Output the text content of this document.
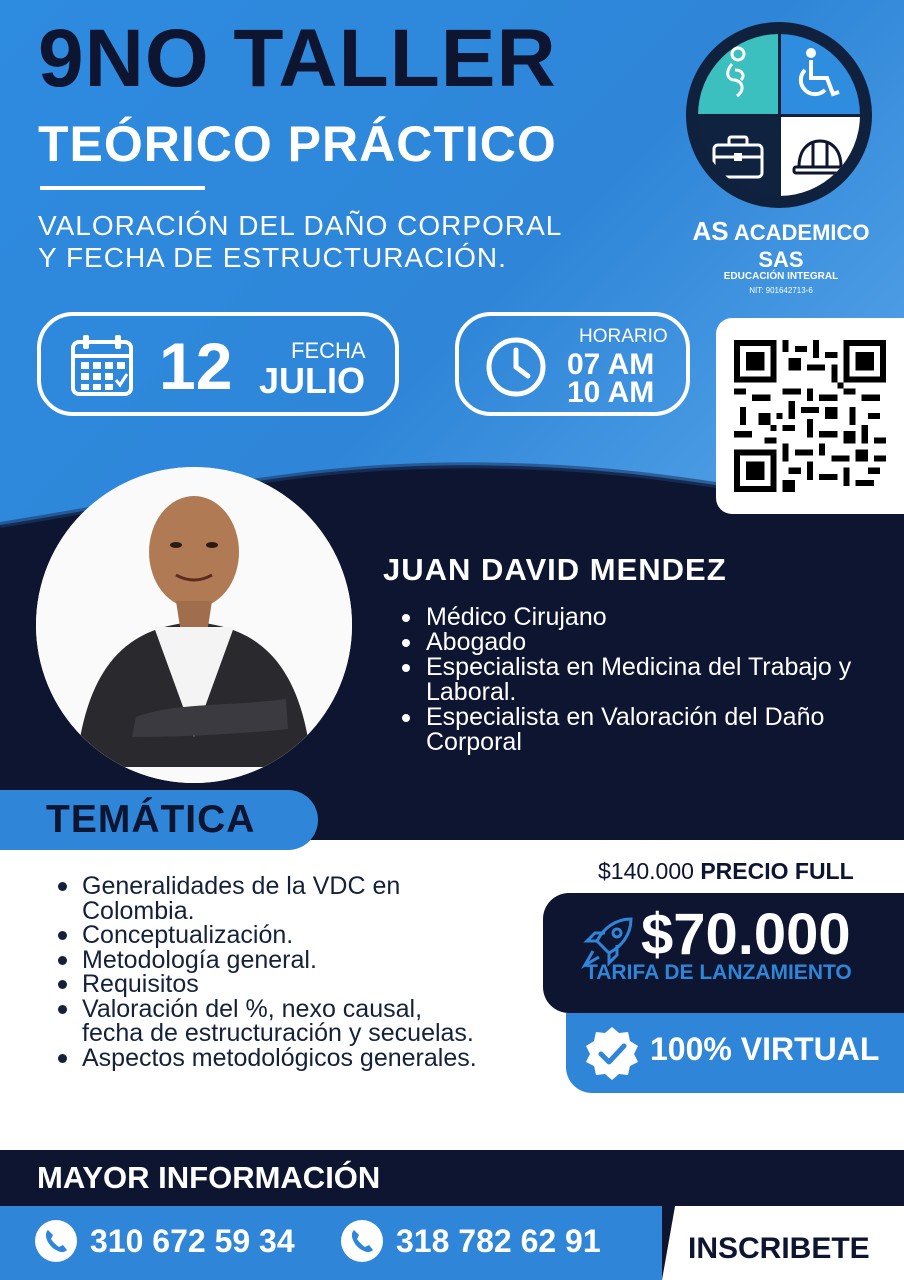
9NO TALLER
TEÓRICO PRÁCTICO
VALORACIÓN DEL DAÑO CORPORAL
Y FECHA DE ESTRUCTURACIÓN.
AS ACADEMICO SAS
EDUCACIÓN INTEGRAL
NIT: 901642713-6
12	FECHA
JULIO
HORARIO
07 AM
10 AM
JUAN DAVID MENDEZ
Médico Cirujano
Abogado
Especialista en Medicina del Trabajo y Laboral.
Especialista en Valoración del Daño Corporal
TEMÁTICA
Generalidades de la VDC en Colombia.
Conceptualización.
Metodología general.
Requisitos
Valoración del %, nexo causal, fecha de estructuración y secuelas.
Aspectos metodológicos generales.
$140.000 PRECIO FULL
$70.000
TARIFA DE LANZAMIENTO
100% VIRTUAL
MAYOR INFORMACIÓN
310 672 59 34	318 782 62 91	INSCRIBETE
